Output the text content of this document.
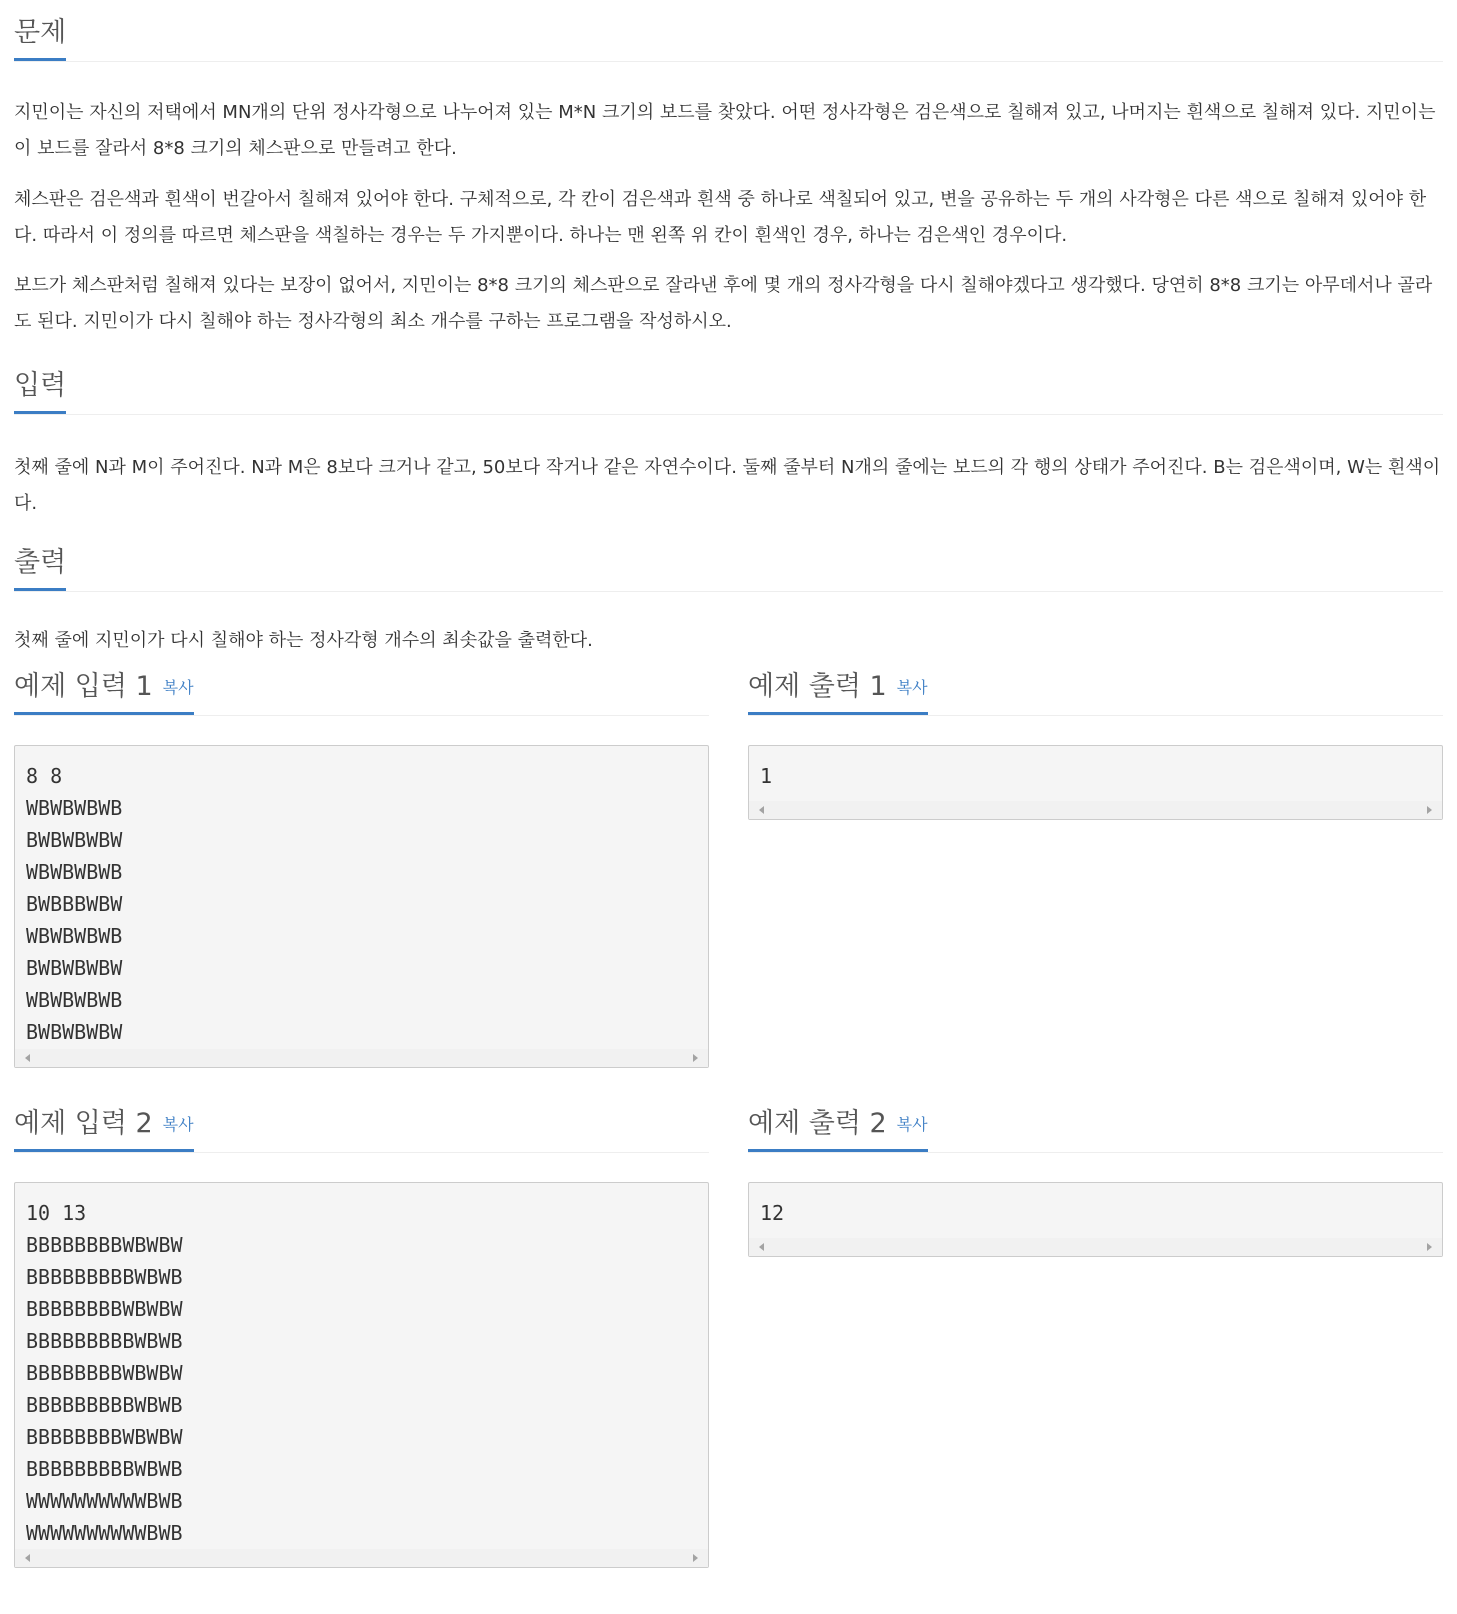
문제

지민이는 자신의 저택에서 MN개의 단위 정사각형으로 나누어져 있는 M*N 크기의 보드를 찾았다. 어떤 정사각형은 검은색으로 칠해져 있고, 나머지는 흰색으로 칠해져 있다. 지민이는 이 보드를 잘라서 8*8 크기의 체스판으로 만들려고 한다.

체스판은 검은색과 흰색이 번갈아서 칠해져 있어야 한다. 구체적으로, 각 칸이 검은색과 흰색 중 하나로 색칠되어 있고, 변을 공유하는 두 개의 사각형은 다른 색으로 칠해져 있어야 한다. 따라서 이 정의를 따르면 체스판을 색칠하는 경우는 두 가지뿐이다. 하나는 맨 왼쪽 위 칸이 흰색인 경우, 하나는 검은색인 경우이다.

보드가 체스판처럼 칠해져 있다는 보장이 없어서, 지민이는 8*8 크기의 체스판으로 잘라낸 후에 몇 개의 정사각형을 다시 칠해야겠다고 생각했다. 당연히 8*8 크기는 아무데서나 골라도 된다. 지민이가 다시 칠해야 하는 정사각형의 최소 개수를 구하는 프로그램을 작성하시오.

입력

첫째 줄에 N과 M이 주어진다. N과 M은 8보다 크거나 같고, 50보다 작거나 같은 자연수이다. 둘째 줄부터 N개의 줄에는 보드의 각 행의 상태가 주어진다. B는 검은색이며, W는 흰색이다.

출력

첫째 줄에 지민이가 다시 칠해야 하는 정사각형 개수의 최솟값을 출력한다.

예제 입력 1 복사
8 8
WBWBWBWB
BWBWBWBW
WBWBWBWB
BWBBBWBW
WBWBWBWB
BWBWBWBW
WBWBWBWB
BWBWBWBW
예제 출력 1 복사
1
예제 입력 2 복사
10 13
BBBBBBBBWBWBW
BBBBBBBBBWBWB
BBBBBBBBWBWBW
BBBBBBBBBWBWB
BBBBBBBBWBWBW
BBBBBBBBBWBWB
BBBBBBBBWBWBW
BBBBBBBBBWBWB
WWWWWWWWWWBWB
WWWWWWWWWWBWB
예제 출력 2 복사
12
